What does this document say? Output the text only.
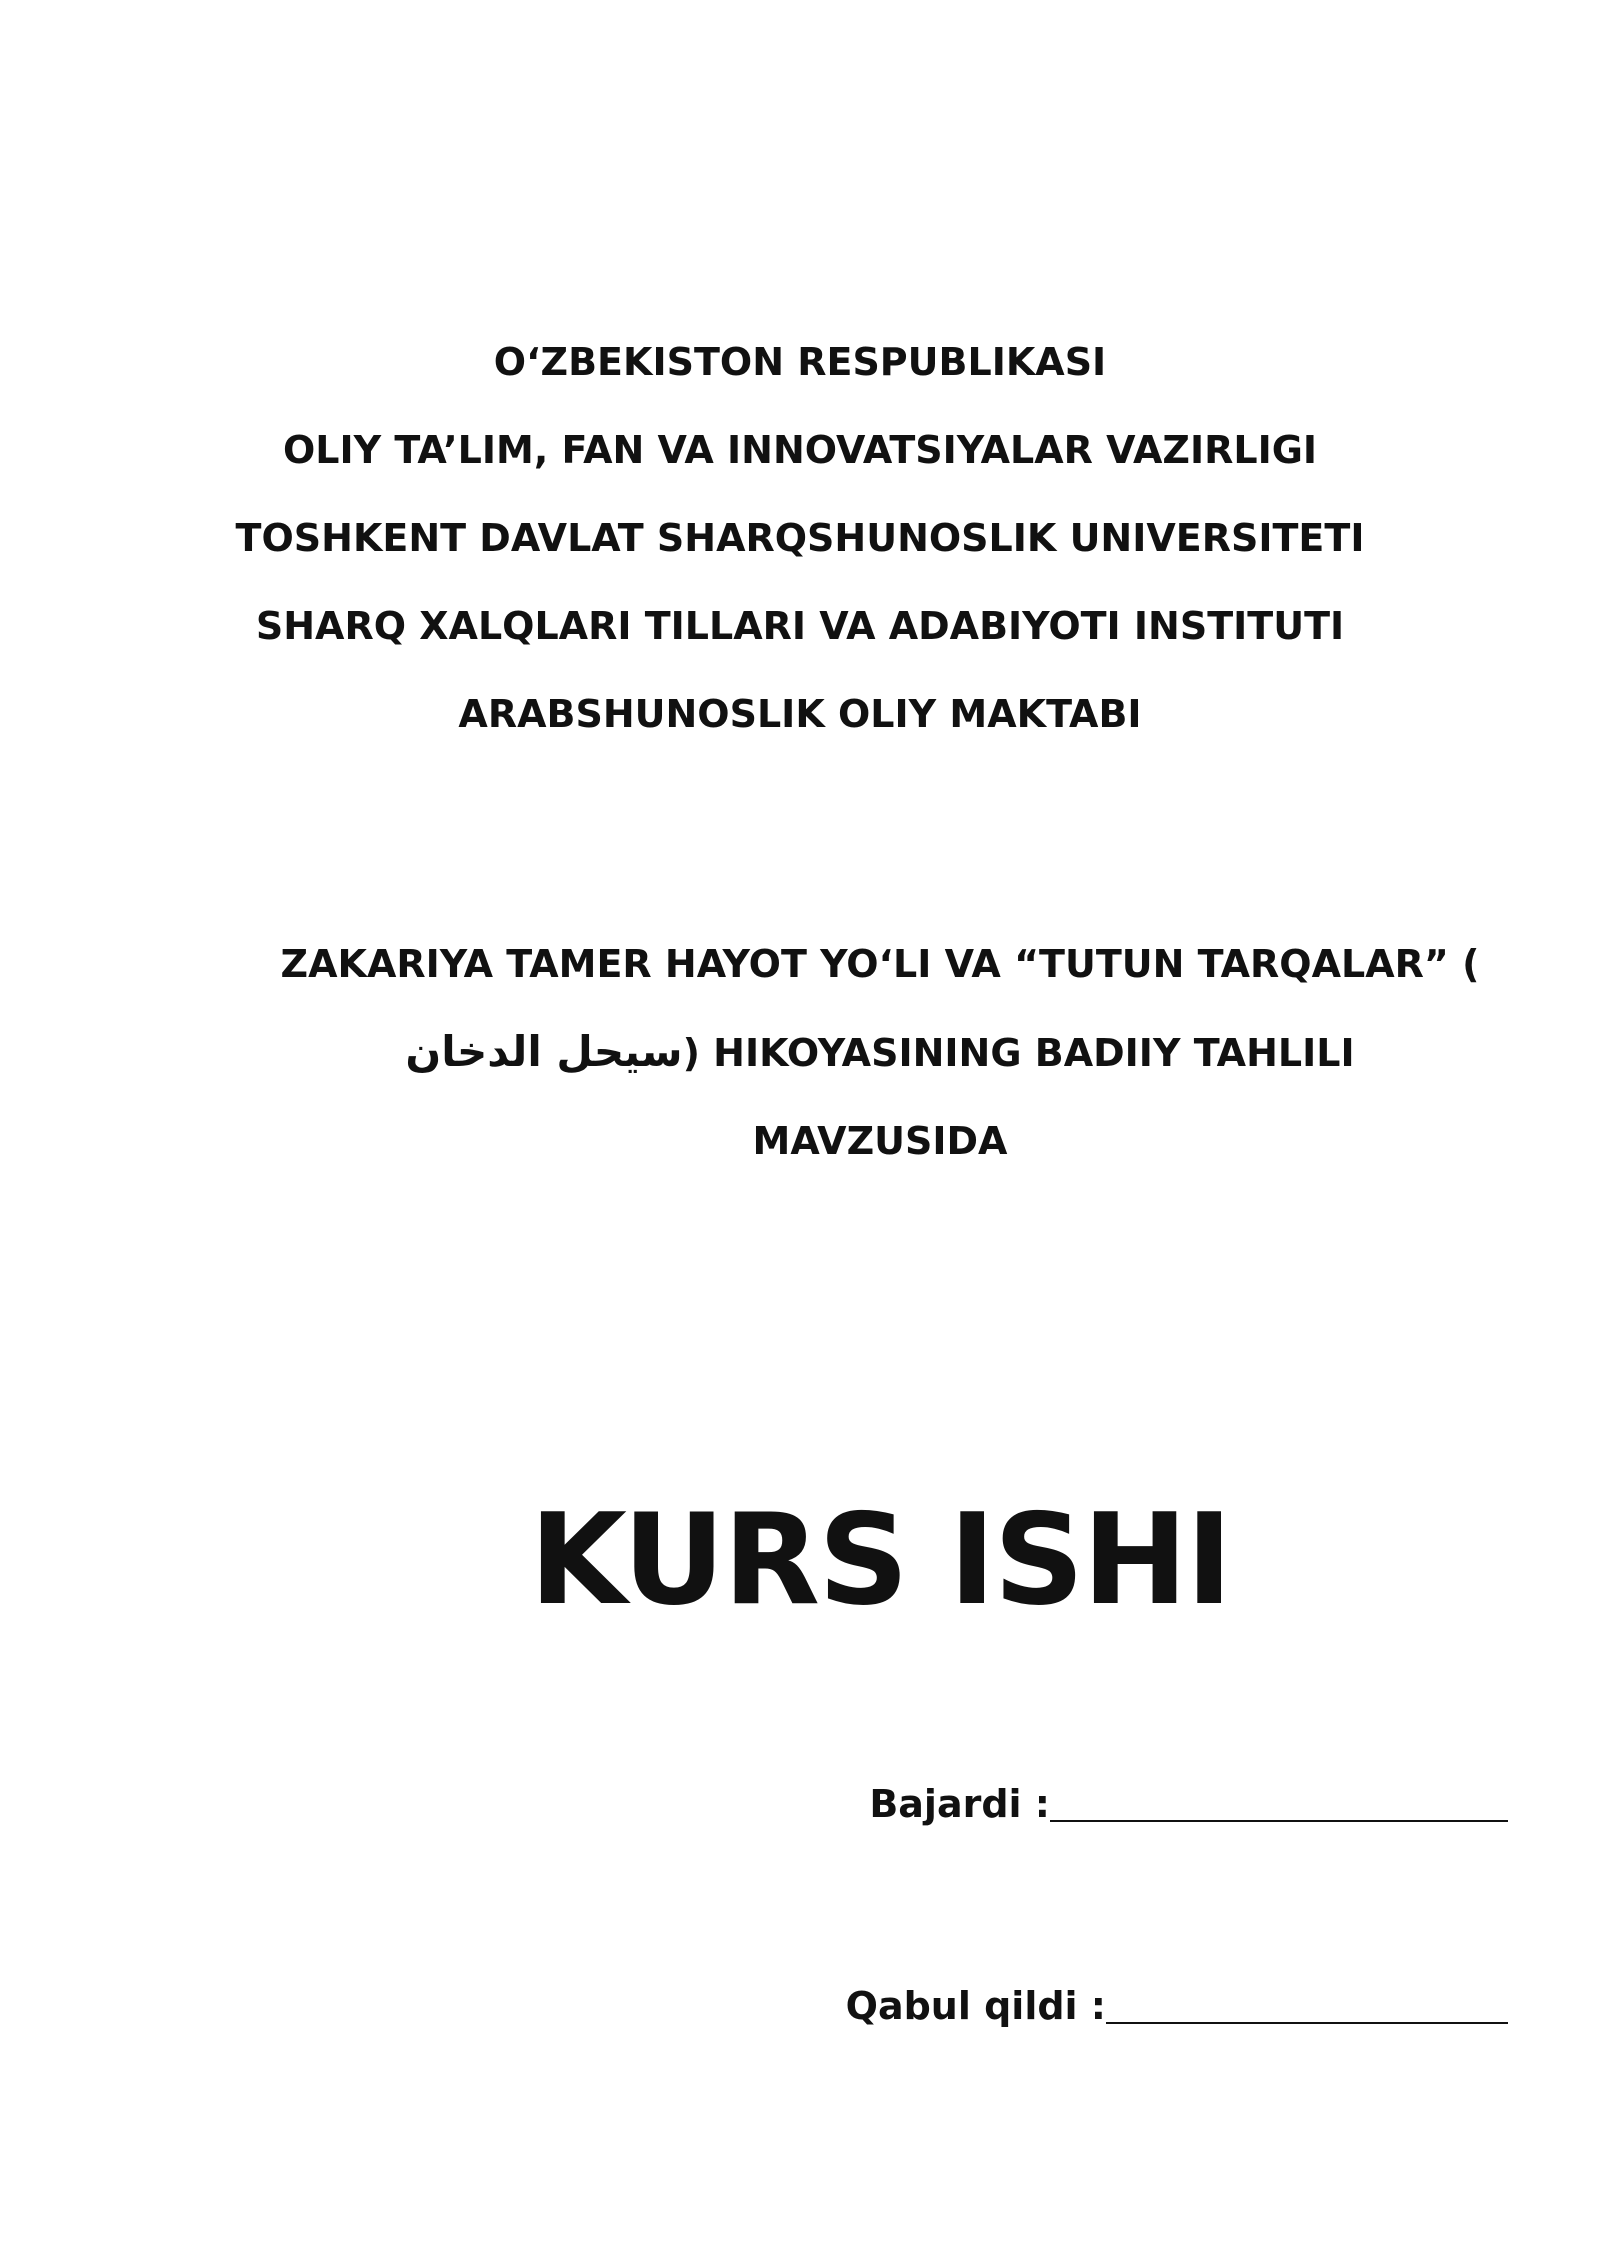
O‘ZBEKISTON RESPUBLIKASI
OLIY TA’LIM, FAN VA INNOVATSIYALAR VAZIRLIGI
TOSHKENT DAVLAT SHARQSHUNOSLIK UNIVERSITETI
SHARQ XALQLARI TILLARI VA ADABIYOTI INSTITUTI
ARABSHUNOSLIK OLIY MAKTABI
ZAKARIYA TAMER HAYOT YO‘LI VA “TUTUN TARQALAR” (
سيحل الدخان) HIKOYASINING BADIIY TAHLILI
MAVZUSIDA
KURS ISHI
Bajardi :
Qabul qildi :
